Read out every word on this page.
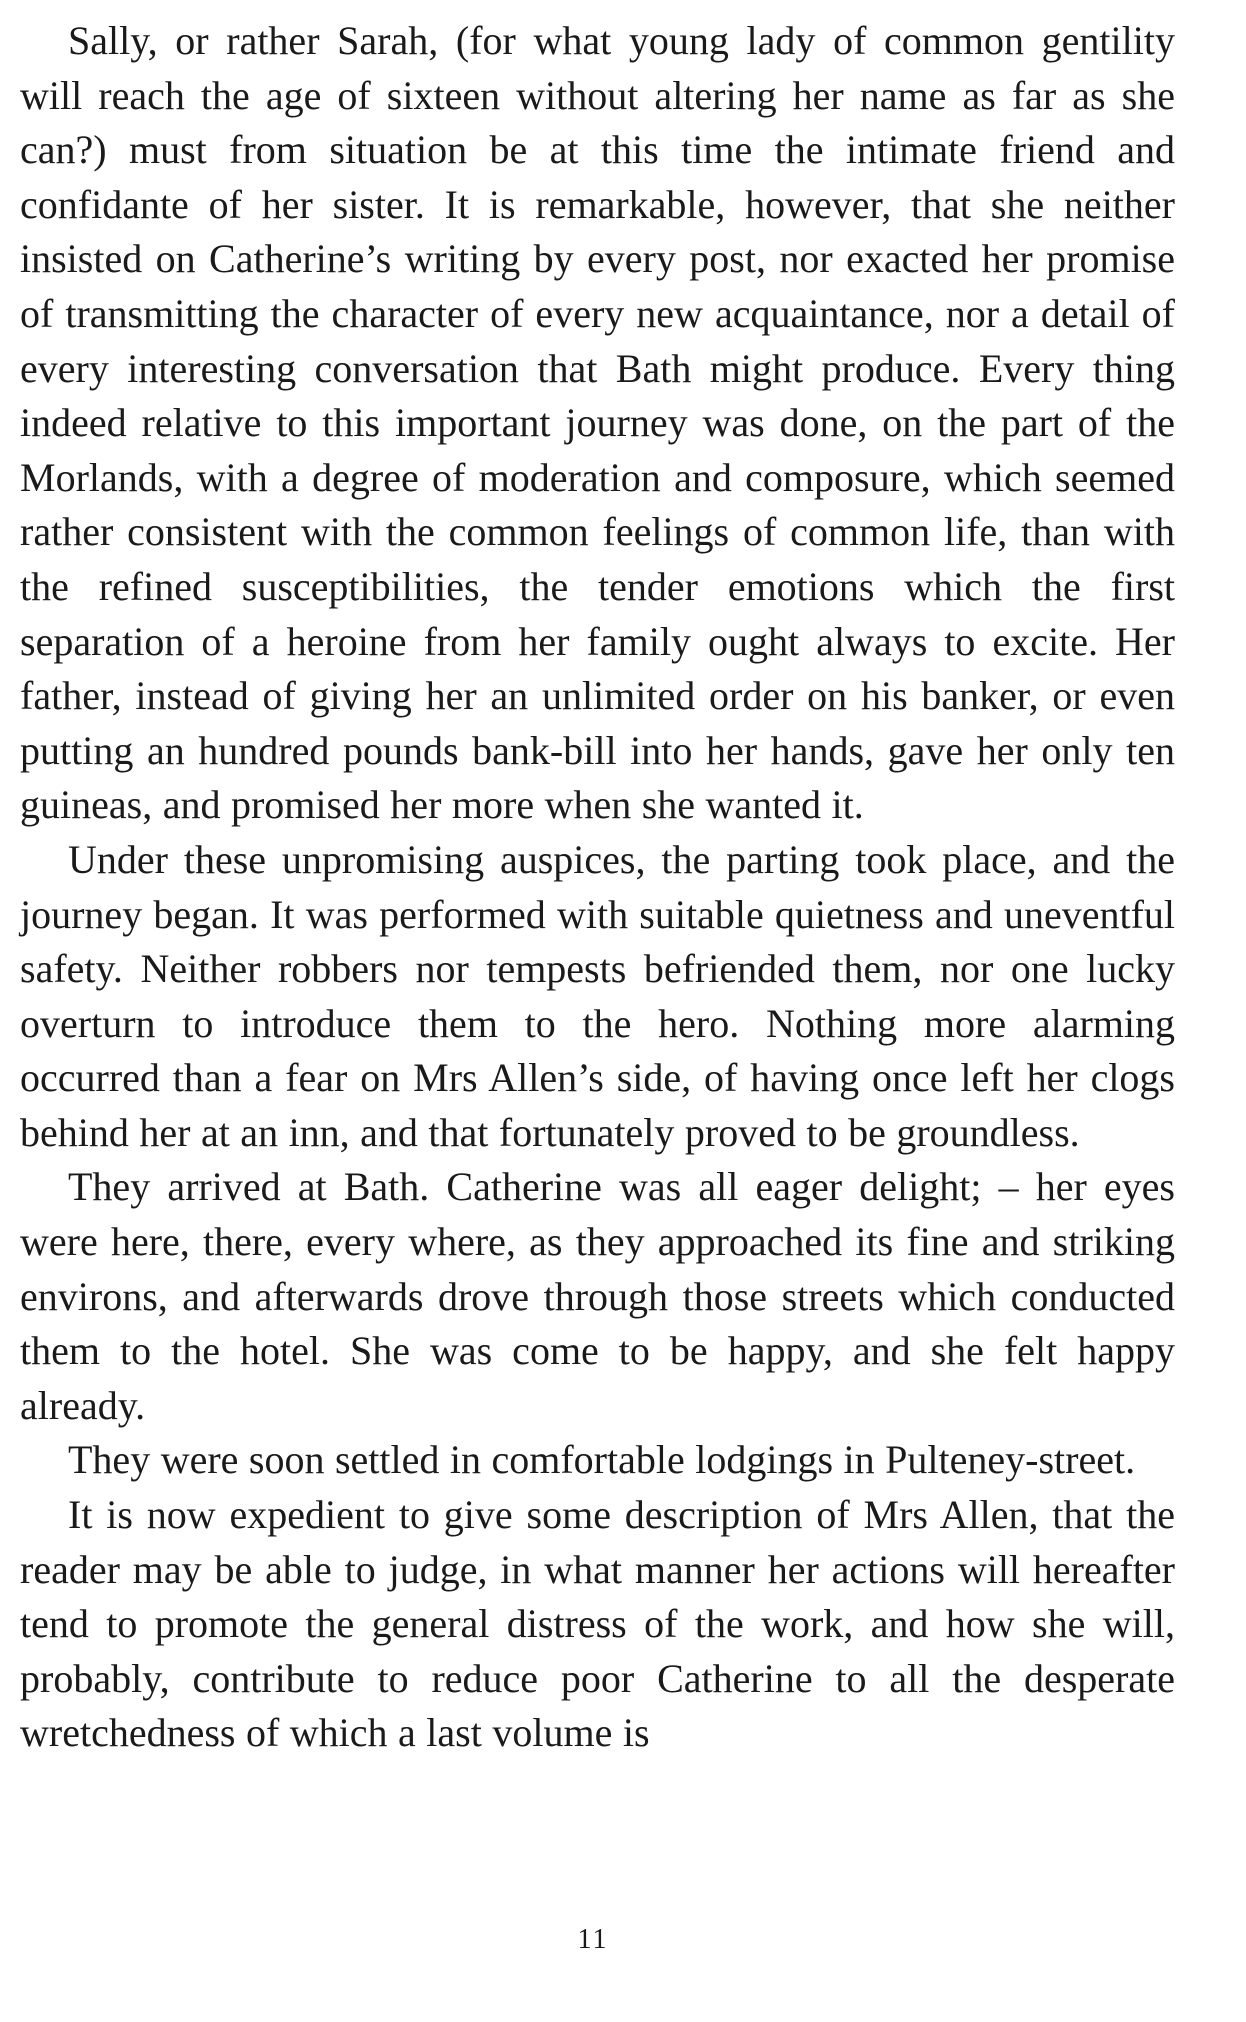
Sally, or rather Sarah, (for what young lady of common gentility will reach the age of sixteen without altering her name as far as she can?) must from situation be at this time the intimate friend and confidante of her sister. It is remarkable, however, that she neither insisted on Catherine’s writing by every post, nor exacted her promise of transmitting the character of every new acquaintance, nor a detail of every interesting conversation that Bath might produce. Every thing indeed relative to this important journey was done, on the part of the Morlands, with a degree of moderation and composure, which seemed rather consistent with the common feelings of common life, than with the refined susceptibilities, the tender emotions which the first separation of a heroine from her family ought always to excite. Her father, instead of giving her an unlimited order on his banker, or even putting an hundred pounds bank-bill into her hands, gave her only ten guineas, and promised her more when she wanted it.

Under these unpromising auspices, the parting took place, and the journey began. It was performed with suitable quietness and uneventful safety. Neither robbers nor tempests befriended them, nor one lucky overturn to introduce them to the hero. Nothing more alarming occurred than a fear on Mrs Allen’s side, of having once left her clogs behind her at an inn, and that fortunately proved to be groundless.

They arrived at Bath. Catherine was all eager delight; – her eyes were here, there, every where, as they approached its fine and striking environs, and afterwards drove through those streets which conducted them to the hotel. She was come to be happy, and she felt happy already.

They were soon settled in comfortable lodgings in Pulteney-street.

It is now expedient to give some description of Mrs Allen, that the reader may be able to judge, in what manner her actions will hereafter tend to promote the general distress of the work, and how she will, probably, contribute to reduce poor Catherine to all the desperate wretchedness of which a last volume is

11
